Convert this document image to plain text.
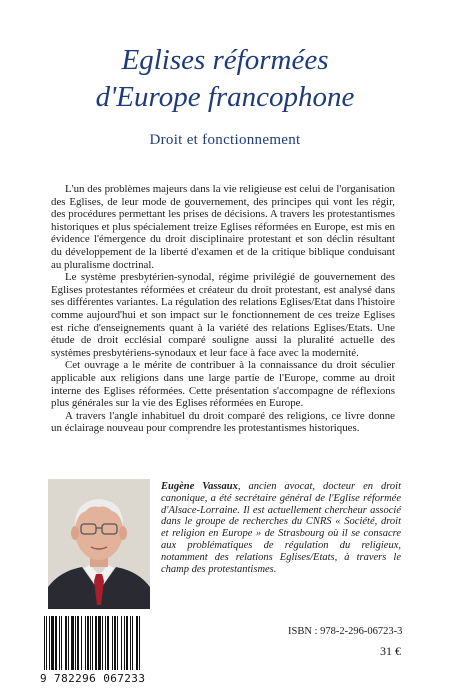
Eglises réformées
d'Europe francophone
Droit et fonctionnement

L'un des problèmes majeurs dans la vie religieuse est celui de l'organisation des Eglises, de leur mode de gouvernement, des principes qui vont les régir, des procédures permettant les prises de décisions. A travers les protestantismes historiques et plus spécialement treize Eglises réformées en Europe, est mis en évidence l'émergence du droit disciplinaire protestant et son déclin résultant du développement de la liberté d'examen et de la critique biblique conduisant au pluralisme doctrinal.

Le système presbytérien-synodal, régime privilégié de gouvernement des Eglises protestantes réformées et créateur du droit protestant, est analysé dans ses différentes variantes. La régulation des relations Eglises/Etat dans l'histoire comme aujourd'hui et son impact sur le fonctionnement de ces treize Eglises est riche d'enseignements quant à la variété des relations Eglises/Etats. Une étude de droit ecclésial comparé souligne aussi la pluralité actuelle des systèmes presbytériens-synodaux et leur face à face avec la modernité.

Cet ouvrage a le mérite de contribuer à la connaissance du droit séculier applicable aux religions dans une large partie de l'Europe, comme au droit interne des Eglises réformées. Cette présentation s'accompagne de réflexions plus générales sur la vie des Eglises réformées en Europe.

A travers l'angle inhabituel du droit comparé des religions, ce livre donne un éclairage nouveau pour comprendre les protestantismes historiques.

Eugène Vassaux, ancien avocat, docteur en droit canonique, a été secrétaire général de l'Eglise réformée d'Alsace-Lorraine. Il est actuellement chercheur associé dans le groupe de recherches du CNRS « Société, droit et religion en Europe » de Strasbourg où il se consacre aux problématiques de régulation du religieux, notamment des relations Eglises/Etats, à travers le champ des protestantismes.
9 782296 067233
ISBN : 978-2-296-06723-3
31 €
